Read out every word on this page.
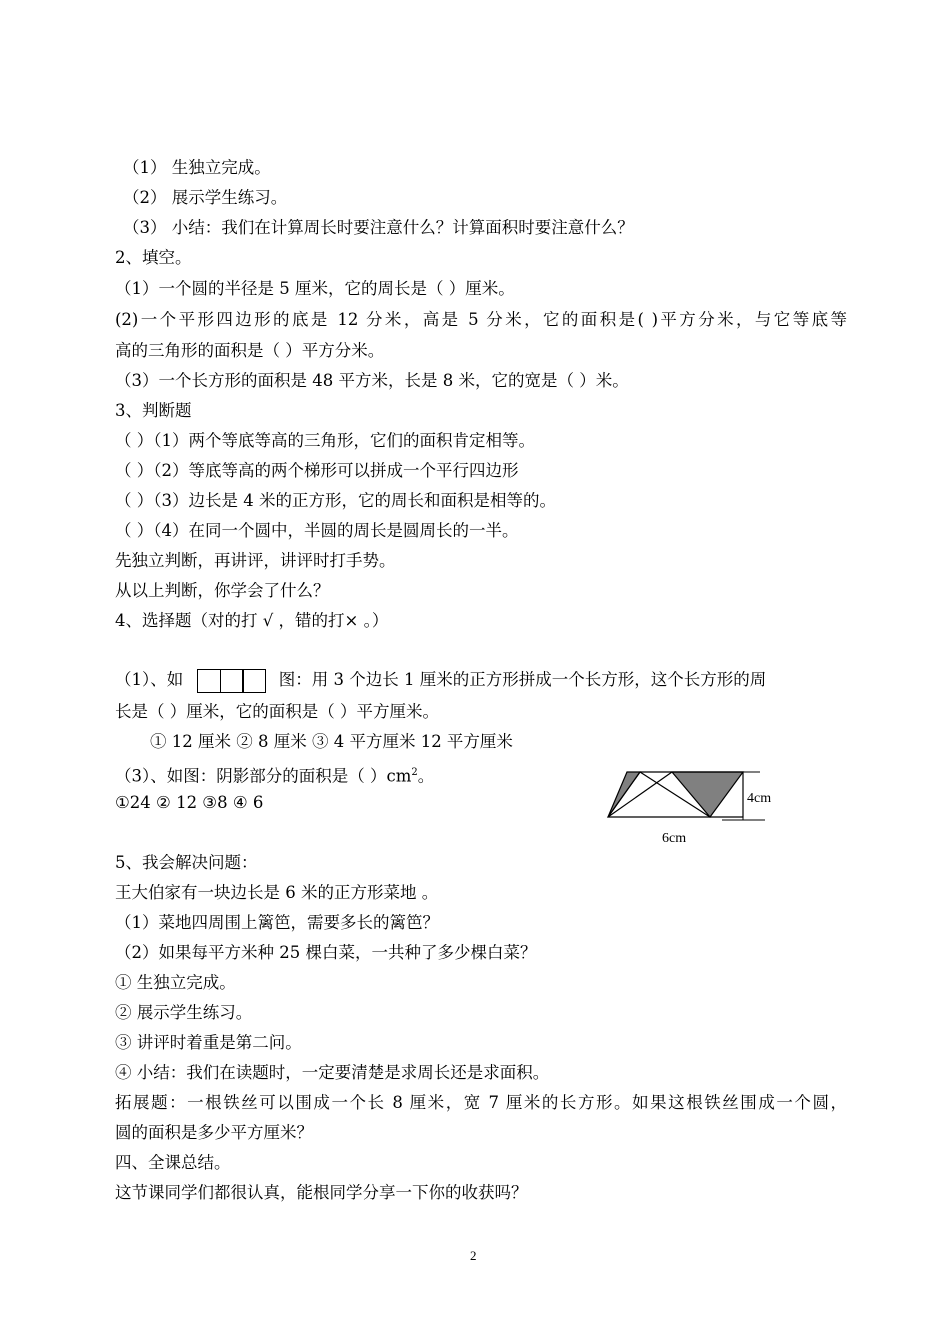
（1） 生独立完成。
（2） 展示学生练习。
（3） 小结：我们在计算周长时要注意什么？计算面积时要注意什么？
2、填空。
（1）一个圆的半径是 5 厘米，它的周长是（ ）厘米。
(2)一个平形四边形的底是 12 分米，高是 5 分米，它的面积是( )平方分米，与它等底等
高的三角形的面积是（ ）平方分米。
（3）一个长方形的面积是 48 平方米，长是 8 米，它的宽是（ ）米。
3、判断题
（ ）（1）两个等底等高的三角形，它们的面积肯定相等。
（ ）（2）等底等高的两个梯形可以拼成一个平行四边形
（ ）（3）边长是 4 米的正方形，它的周长和面积是相等的。
（ ）（4）在同一个圆中，半圆的周长是圆周长的一半。
先独立判断，再讲评，讲评时打手势。
从以上判断，你学会了什么？
4、选择题（对的打 √ ，错的打× 。）
（1）、如	图：用 3 个边长 1 厘米的正方形拼成一个长方形，这个长方形的周
长是（ ）厘米，它的面积是（ ）平方厘米。
① 12 厘米 ② 8 厘米 ③ 4 平方厘米 12 平方厘米
（3）、如图：阴影部分的面积是（ ）$cm^2$。
①24 ② 12 ③8 ④ 6	4cm
6cm
5、我会解决问题：
王大伯家有一块边长是 6 米的正方形菜地 。
（1）菜地四周围上篱笆，需要多长的篱笆？
（2）如果每平方米种 25 棵白菜，一共种了多少棵白菜？
① 生独立完成。
② 展示学生练习。
③ 讲评时着重是第二问。
④ 小结：我们在读题时，一定要清楚是求周长还是求面积。
拓展题：一根铁丝可以围成一个长 8 厘米，宽 7 厘米的长方形。如果这根铁丝围成一个圆，
圆的面积是多少平方厘米？
四、全课总结。
这节课同学们都很认真，能根同学分享一下你的收获吗？
2
